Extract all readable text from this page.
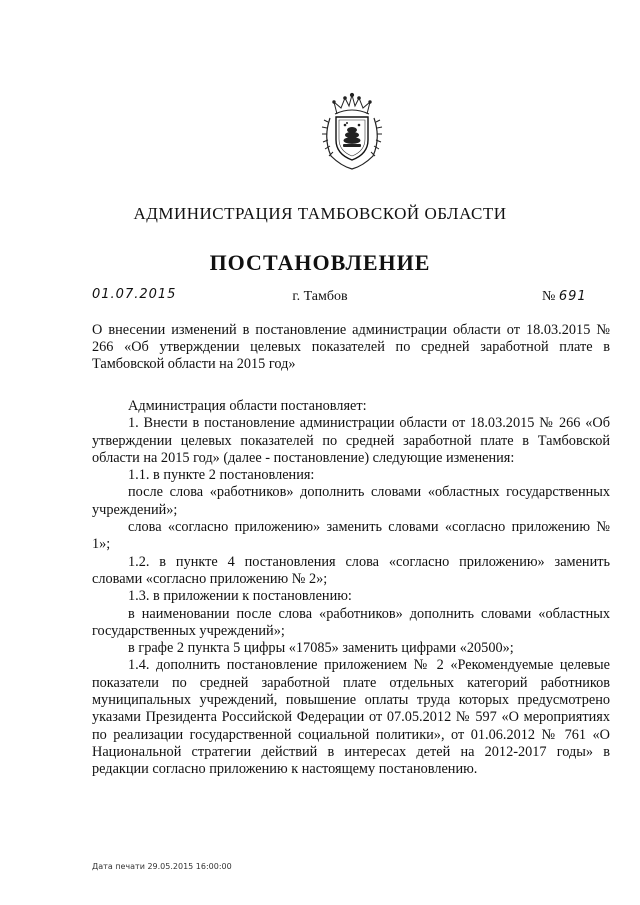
АДМИНИСТРАЦИЯ ТАМБОВСКОЙ ОБЛАСТИ
ПОСТАНОВЛЕНИЕ
01.07.2015	г. Тамбов	№ 691
О внесении изменений в постановление администрации области от 18.03.2015 № 266 «Об утверждении целевых показателей по средней заработной плате в Тамбовской области на 2015 год»

Администрация области постановляет:

1. Внести в постановление администрации области от 18.03.2015 № 266 «Об утверждении целевых показателей по средней заработной плате в Тамбовской области на 2015 год» (далее - постановление) следующие изменения:

1.1. в пункте 2 постановления:

после слова «работников» дополнить словами «областных государственных учреждений»;

слова «согласно приложению» заменить словами «согласно приложению № 1»;

1.2. в пункте 4 постановления слова «согласно приложению» заменить словами «согласно приложению № 2»;

1.3. в приложении к постановлению:

в наименовании после слова «работников» дополнить словами «областных государственных учреждений»;

в графе 2 пункта 5 цифры «17085» заменить цифрами «20500»;

1.4. дополнить постановление приложением № 2 «Рекомендуемые целевые показатели по средней заработной плате отдельных категорий работников муниципальных учреждений, повышение оплаты труда которых предусмотрено указами Президента Российской Федерации от 07.05.2012 № 597 «О мероприятиях по реализации государственной социальной политики», от 01.06.2012 № 761 «О Национальной стратегии действий в интересах детей на 2012-2017 годы» в редакции согласно приложению к настоящему постановлению.

Дата печати 29.05.2015 16:00:00
